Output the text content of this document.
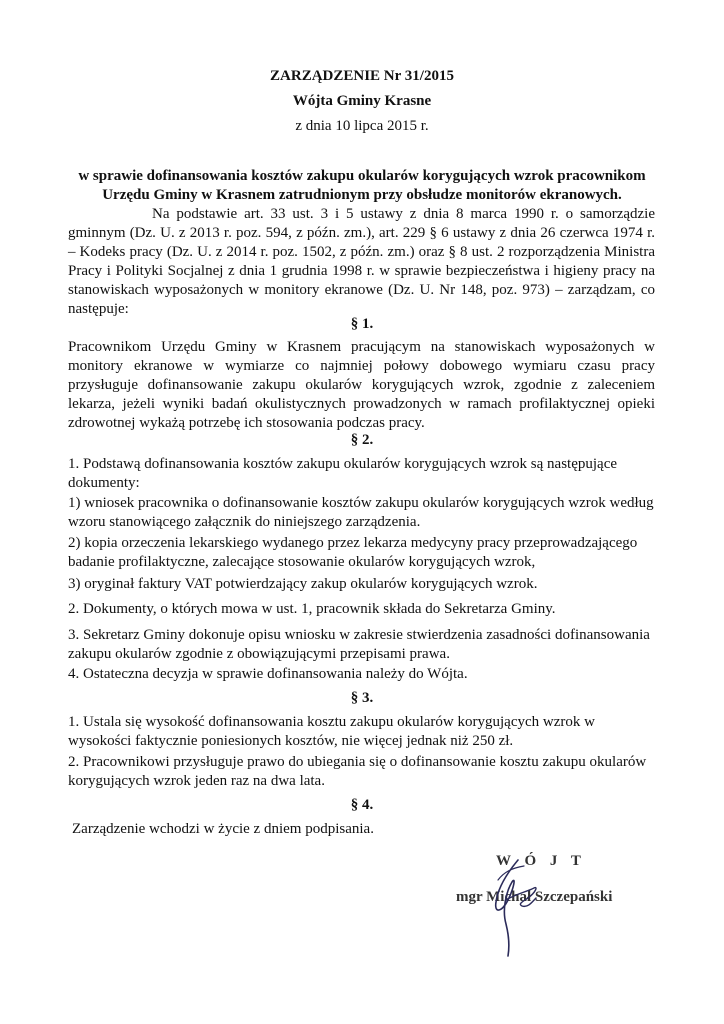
ZARZĄDZENIE Nr 31/2015
Wójta Gminy Krasne
z dnia 10 lipca 2015 r.
w sprawie dofinansowania kosztów zakupu okularów korygujących wzrok pracownikom Urzędu Gminy w Krasnem zatrudnionym przy obsłudze monitorów ekranowych.
Na podstawie art. 33 ust. 3 i 5 ustawy z dnia 8 marca 1990 r. o samorządzie gminnym (Dz. U. z 2013 r. poz. 594, z późn. zm.), art. 229 § 6 ustawy z dnia 26 czerwca 1974 r. – Kodeks pracy (Dz. U. z 2014 r. poz. 1502, z późn. zm.) oraz § 8 ust. 2 rozporządzenia Ministra Pracy i Polityki Socjalnej z dnia 1 grudnia 1998 r. w sprawie bezpieczeństwa i higieny pracy na stanowiskach wyposażonych w monitory ekranowe (Dz. U. Nr 148, poz. 973) – zarządzam, co następuje:
§ 1.
Pracownikom Urzędu Gminy w Krasnem pracującym na stanowiskach wyposażonych w monitory ekranowe w wymiarze co najmniej połowy dobowego wymiaru czasu pracy przysługuje dofinansowanie zakupu okularów korygujących wzrok, zgodnie z zaleceniem lekarza, jeżeli wyniki badań okulistycznych prowadzonych w ramach profilaktycznej opieki zdrowotnej wykażą potrzebę ich stosowania podczas pracy.
§ 2.
1. Podstawą dofinansowania kosztów zakupu okularów korygujących wzrok są następujące dokumenty:
1) wniosek pracownika o dofinansowanie kosztów zakupu okularów korygujących wzrok według wzoru stanowiącego załącznik do niniejszego zarządzenia.
2) kopia orzeczenia lekarskiego wydanego przez lekarza medycyny pracy przeprowadzającego badanie profilaktyczne, zalecające stosowanie okularów korygujących wzrok,
3) oryginał faktury VAT potwierdzający zakup okularów korygujących wzrok.
2. Dokumenty, o których mowa w ust. 1, pracownik składa do Sekretarza Gminy.
3. Sekretarz Gminy dokonuje opisu wniosku w zakresie stwierdzenia zasadności dofinansowania zakupu okularów zgodnie z obowiązującymi przepisami prawa.
4. Ostateczna decyzja w sprawie dofinansowania należy do Wójta.
§ 3.
1. Ustala się wysokość dofinansowania kosztu zakupu okularów korygujących wzrok w wysokości faktycznie poniesionych kosztów, nie więcej jednak niż 250 zł.
2. Pracownikowi przysługuje prawo do ubiegania się o dofinansowanie kosztu zakupu okularów korygujących wzrok jeden raz na dwa lata.
§ 4.
Zarządzenie wchodzi w życie z dniem podpisania.
W Ó J T
mgr Michał Szczepański
